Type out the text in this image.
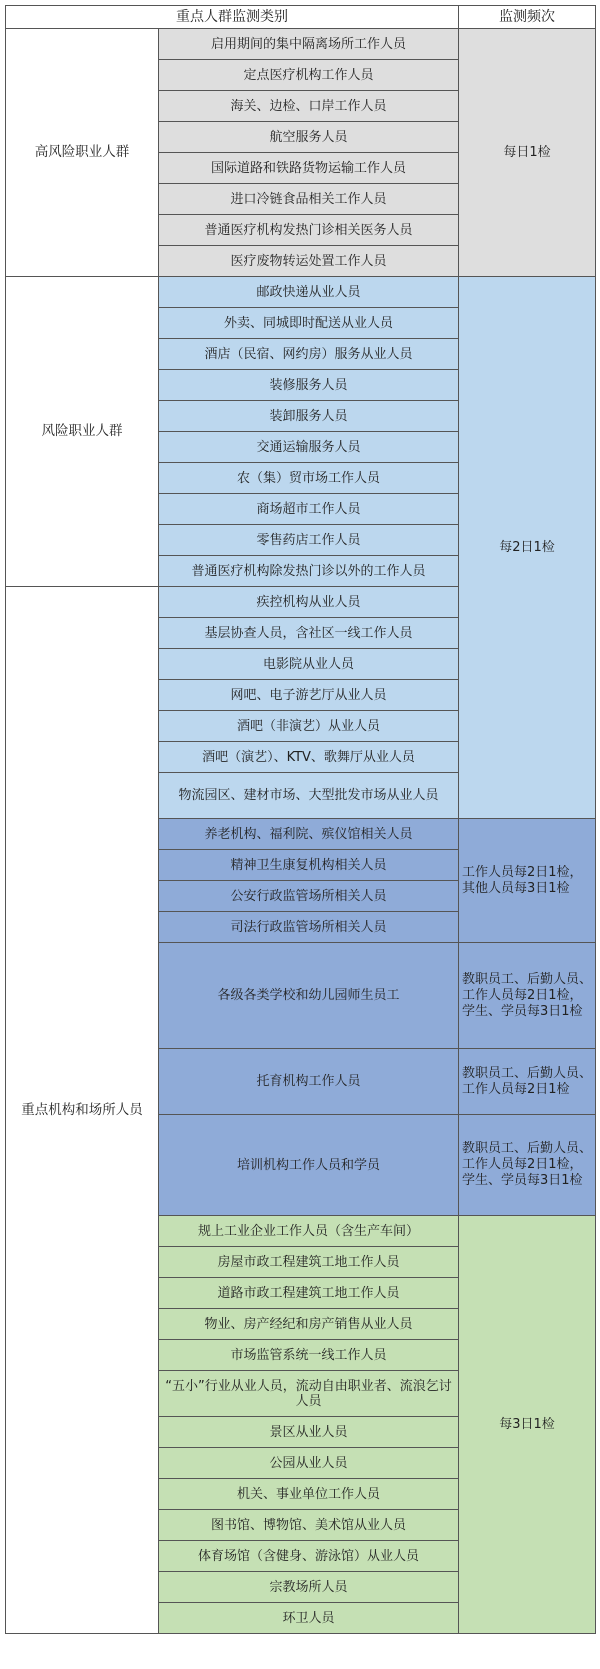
重点人群监测类别		监测频次
高风险职业人群	启用期间的集中隔离场所工作人员	每日1检
	定点医疗机构工作人员	
	海关、边检、口岸工作人员	
	航空服务人员	
	国际道路和铁路货物运输工作人员	
	进口冷链食品相关工作人员	
	普通医疗机构发热门诊相关医务人员	
	医疗废物转运处置工作人员	
风险职业人群	邮政快递从业人员	每2日1检
	外卖、同城即时配送从业人员	
	酒店（民宿、网约房）服务从业人员	
	装修服务人员	
	装卸服务人员	
	交通运输服务人员	
	农（集）贸市场工作人员	
	商场超市工作人员	
	零售药店工作人员	
	普通医疗机构除发热门诊以外的工作人员	
重点机构和场所人员	疾控机构从业人员	
	基层协查人员，含社区一线工作人员	
	电影院从业人员	
	网吧、电子游艺厅从业人员	
	酒吧（非演艺）从业人员	
	酒吧（演艺）、KTV、歌舞厅从业人员	
	物流园区、建材市场、大型批发市场从业人员	
	养老机构、福利院、殡仪馆相关人员	工作人员每2日1检，其他人员每3日1检
	精神卫生康复机构相关人员	
	公安行政监管场所相关人员	
	司法行政监管场所相关人员	
	各级各类学校和幼儿园师生员工	教职员工、后勤人员、工作人员每2日1检，学生、学员每3日1检
	托育机构工作人员	教职员工、后勤人员、工作人员每2日1检
	培训机构工作人员和学员	教职员工、后勤人员、工作人员每2日1检，学生、学员每3日1检
	规上工业企业工作人员（含生产车间）	每3日1检
	房屋市政工程建筑工地工作人员	
	道路市政工程建筑工地工作人员	
	物业、房产经纪和房产销售从业人员	
	市场监管系统一线工作人员	
	“五小”行业从业人员，流动自由职业者、流浪乞讨人员	
	景区从业人员	
	公园从业人员	
	机关、事业单位工作人员	
	图书馆、博物馆、美术馆从业人员	
	体育场馆（含健身、游泳馆）从业人员	
	宗教场所人员	
	环卫人员	
